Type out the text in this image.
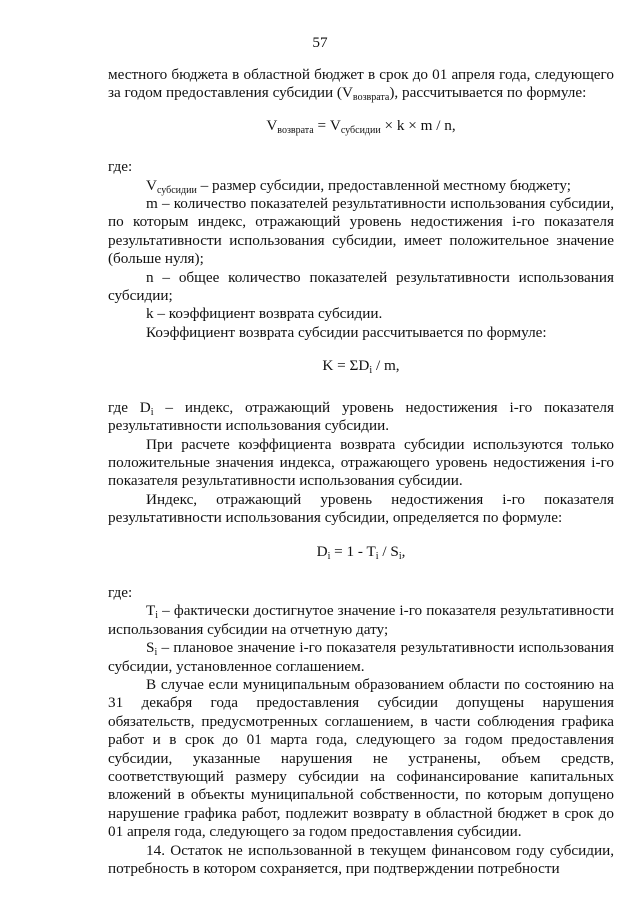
57

местного бюджета в областной бюджет в срок до 01 апреля года, следующего за годом предоставления субсидии $(V_{возврата})$, рассчитывается по формуле:

$V_{возврата} = V_{субсидии} \times k \times m / n$,

где:

$V_{субсидии}$ – размер субсидии, предоставленной местному бюджету;

m – количество показателей результативности использования субсидии, по которым индекс, отражающий уровень недостижения i-го показателя результативности использования субсидии, имеет положительное значение (больше нуля);

n – общее количество показателей результативности использования субсидии;

k – коэффициент возврата субсидии.

Коэффициент возврата субсидии рассчитывается по формуле:

$K = \Sigma D_i / m$,

где $D_i$ – индекс, отражающий уровень недостижения i-го показателя результативности использования субсидии.

При расчете коэффициента возврата субсидии используются только положительные значения индекса, отражающего уровень недостижения i-го показателя результативности использования субсидии.

Индекс, отражающий уровень недостижения i-го показателя результативности использования субсидии, определяется по формуле:

$D_i = 1 - T_i / S_i$,

где:

$T_i$ – фактически достигнутое значение i-го показателя результативности использования субсидии на отчетную дату;

$S_i$ – плановое значение i-го показателя результативности использования субсидии, установленное соглашением.

В случае если муниципальным образованием области по состоянию на 31 декабря года предоставления субсидии допущены нарушения обязательств, предусмотренных соглашением, в части соблюдения графика работ и в срок до 01 марта года, следующего за годом предоставления субсидии, указанные нарушения не устранены, объем средств, соответствующий размеру субсидии на софинансирование капитальных вложений в объекты муниципальной собственности, по которым допущено нарушение графика работ, подлежит возврату в областной бюджет в срок до 01 апреля года, следующего за годом предоставления субсидии.

14. Остаток не использованной в текущем финансовом году субсидии, потребность в котором сохраняется, при подтверждении потребности
